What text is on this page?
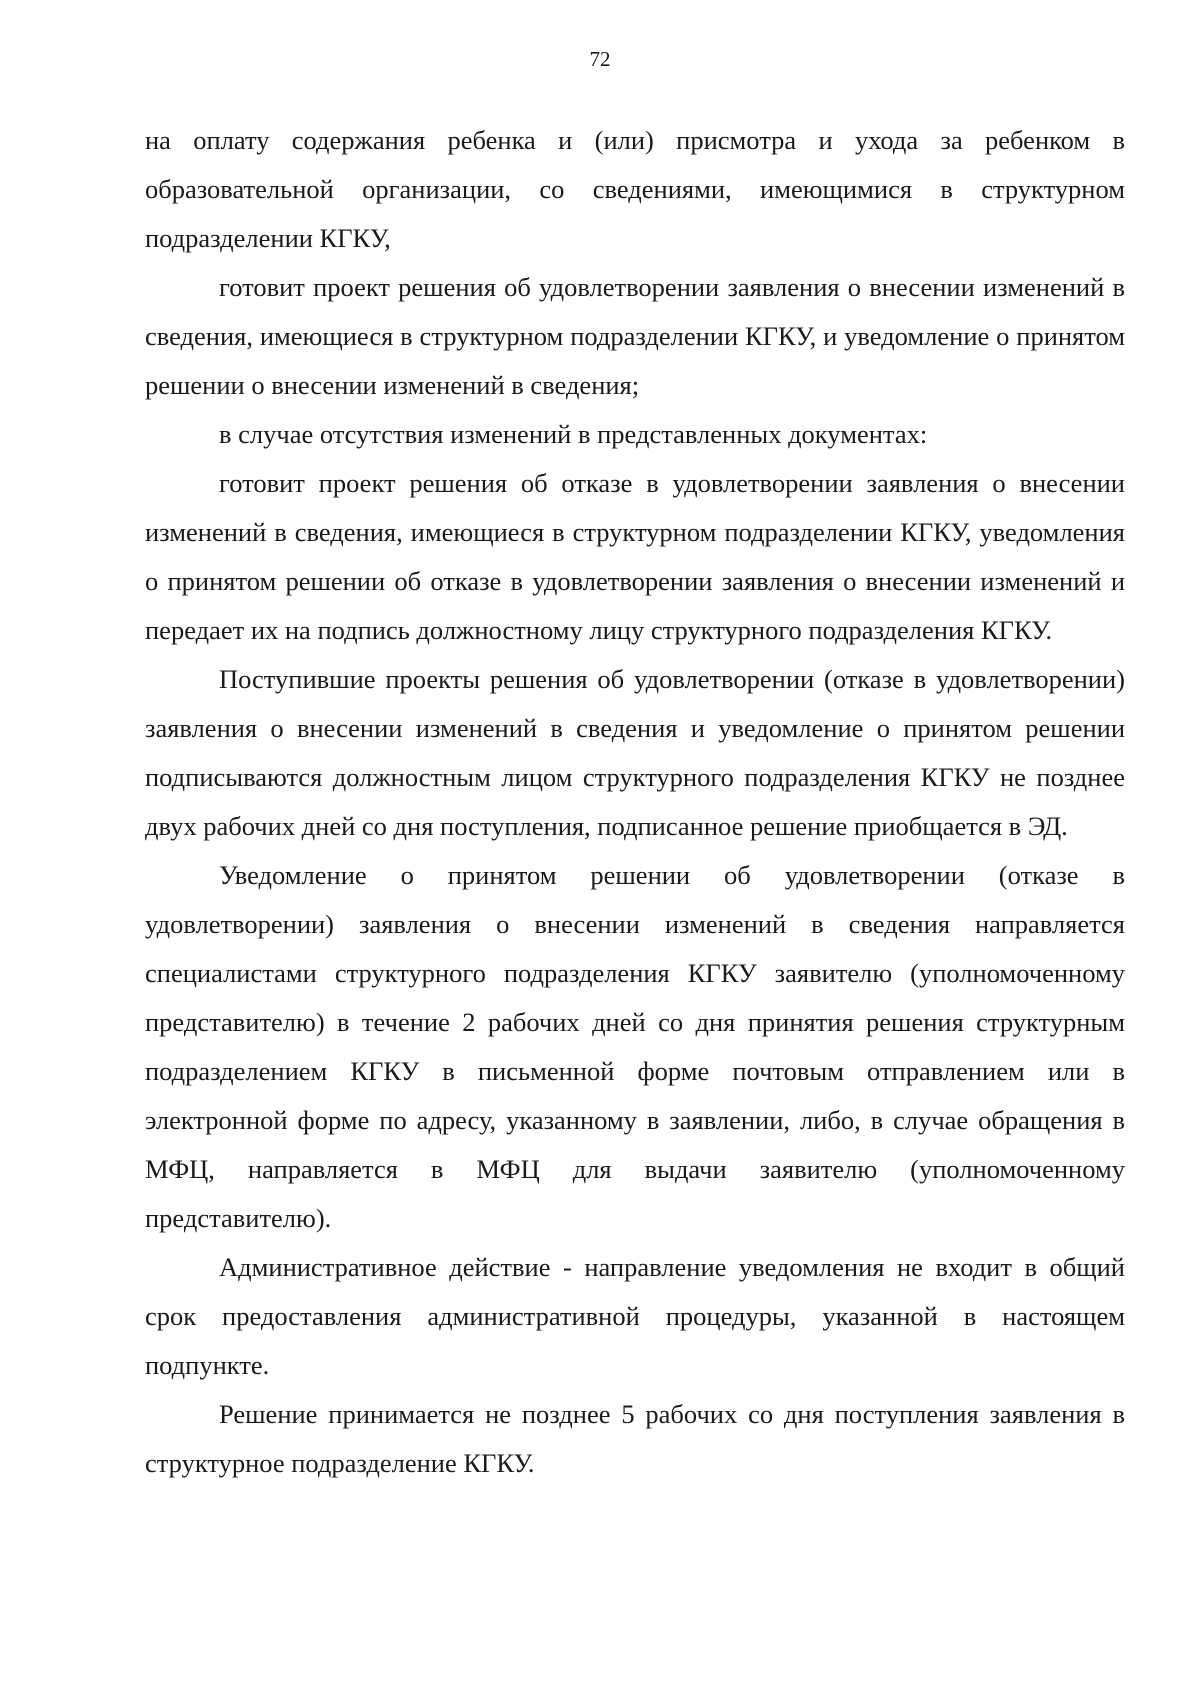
72

на оплату содержания ребенка и (или) присмотра и ухода за ребенком в образовательной организации, со сведениями, имеющимися в структурном подразделении КГКУ,

готовит проект решения об удовлетворении заявления о внесении изменений в сведения, имеющиеся в структурном подразделении КГКУ, и уведомление о принятом решении о внесении изменений в сведения;

в случае отсутствия изменений в представленных документах:

готовит проект решения об отказе в удовлетворении заявления о внесении изменений в сведения, имеющиеся в структурном подразделении КГКУ, уведомления о принятом решении об отказе в удовлетворении заявления о внесении изменений и передает их на подпись должностному лицу структурного подразделения КГКУ.

Поступившие проекты решения об удовлетворении (отказе в удовлетворении) заявления о внесении изменений в сведения и уведомление о принятом решении подписываются должностным лицом структурного подразделения КГКУ не позднее двух рабочих дней со дня поступления, подписанное решение приобщается в ЭД.

Уведомление о принятом решении об удовлетворении (отказе в удовлетворении) заявления о внесении изменений в сведения направляется специалистами структурного подразделения КГКУ заявителю (уполномоченному представителю) в течение 2 рабочих дней со дня принятия решения структурным подразделением КГКУ в письменной форме почтовым отправлением или в электронной форме по адресу, указанному в заявлении, либо, в случае обращения в МФЦ, направляется в МФЦ для выдачи заявителю (уполномоченному представителю).

Административное действие - направление уведомления не входит в общий срок предоставления административной процедуры, указанной в настоящем подпункте.

Решение принимается не позднее 5 рабочих со дня поступления заявления в структурное подразделение КГКУ.
